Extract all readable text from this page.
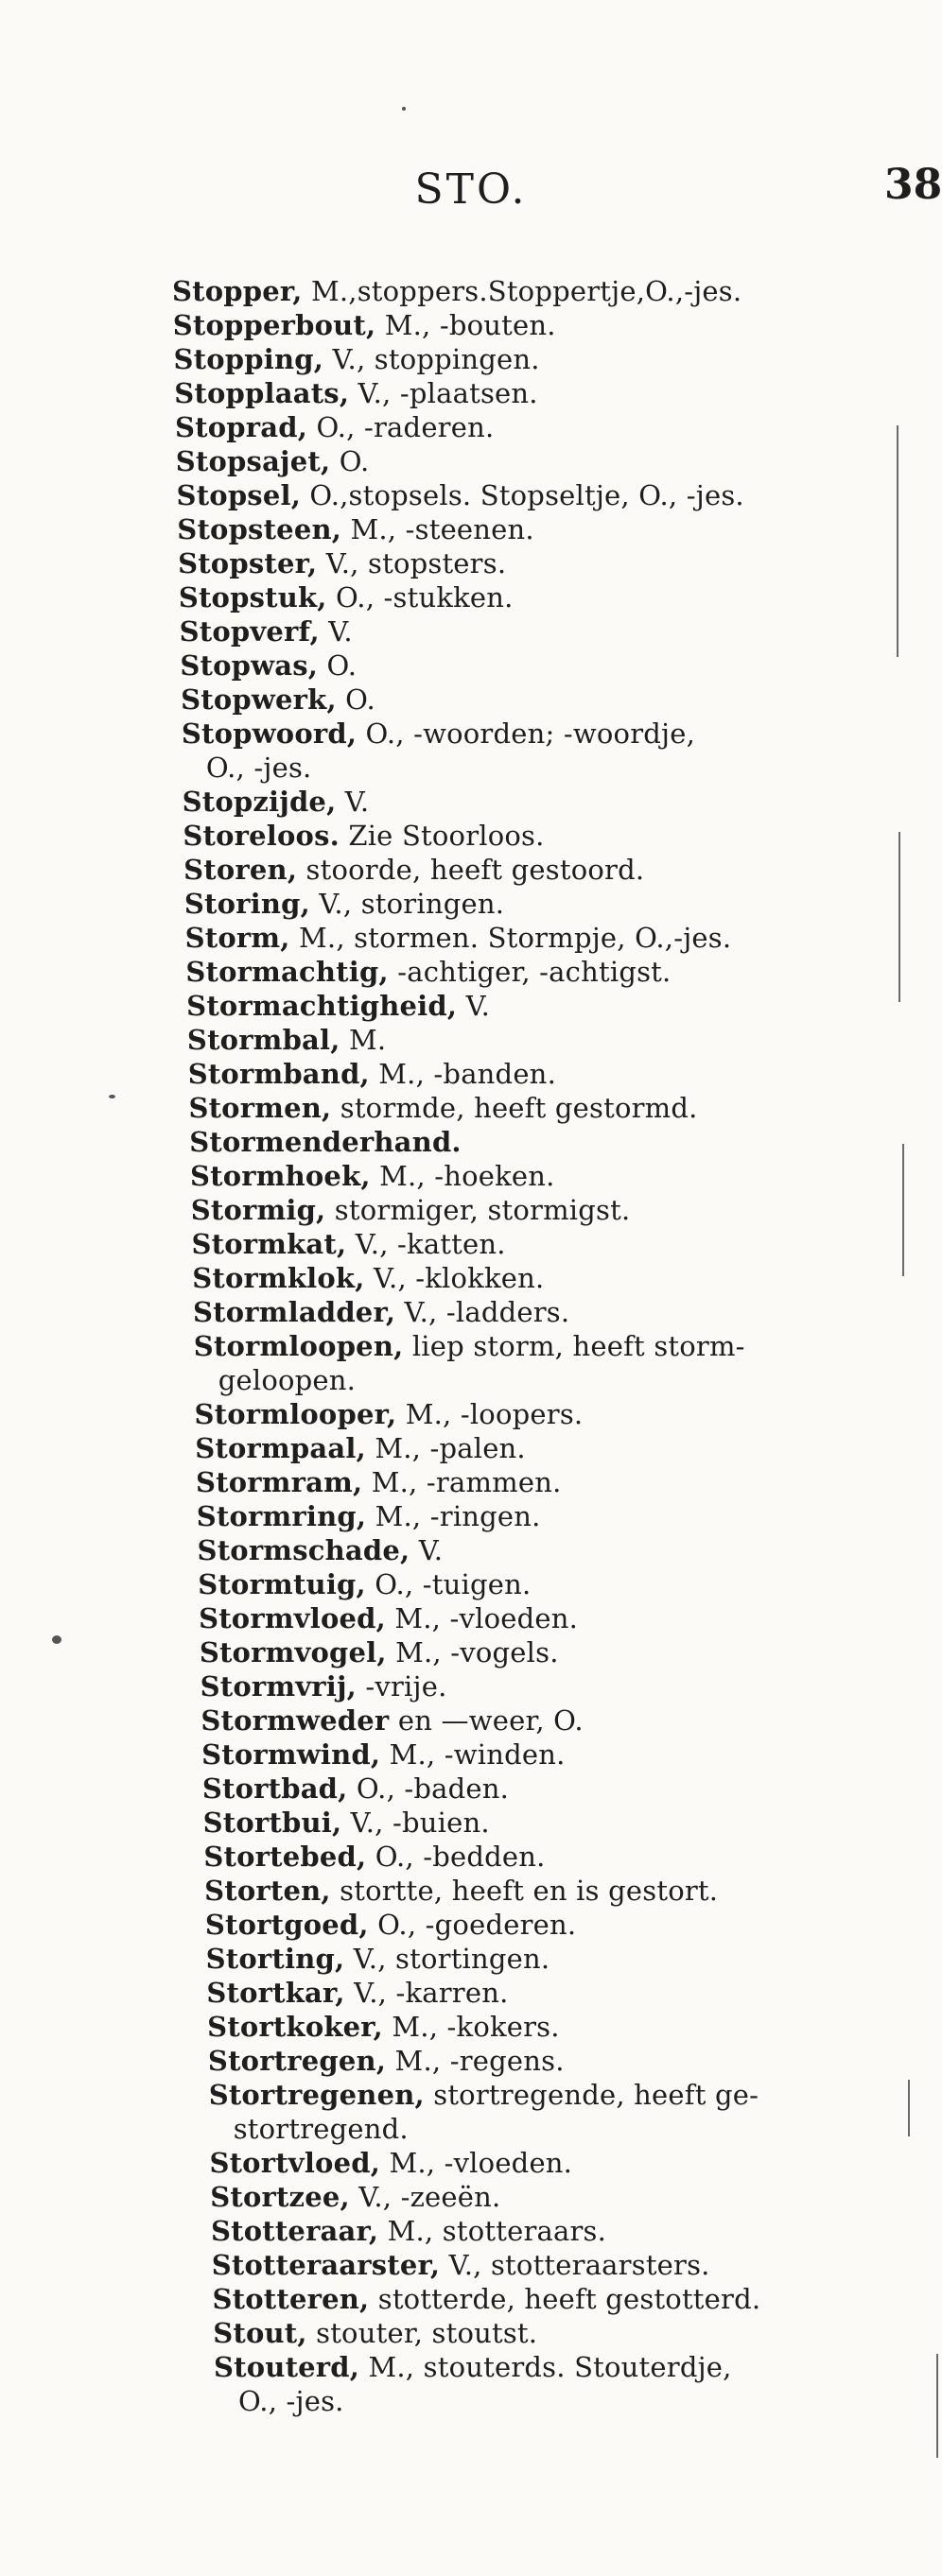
STO.	38

Stopper, M.,stoppers.Stoppertje,O.,-jes.

Stopperbout, M., -bouten.

Stopping, V., stoppingen.

Stopplaats, V., -plaatsen.

Stoprad, O., -raderen.

Stopsajet, O.

Stopsel, O.,stopsels. Stopseltje, O., -jes.

Stopsteen, M., -steenen.

Stopster, V., stopsters.

Stopstuk, O., -stukken.

Stopverf, V.

Stopwas, O.

Stopwerk, O.

Stopwoord, O., -woorden; -woordje,
O., -jes.

Stopzijde, V.

Storeloos. Zie Stoorloos.

Storen, stoorde, heeft gestoord.

Storing, V., storingen.

Storm, M., stormen. Stormpje, O.,-jes.

Stormachtig, -achtiger, -achtigst.

Stormachtigheid, V.

Stormbal, M.

Stormband, M., -banden.

Stormen, stormde, heeft gestormd.

Stormenderhand.

Stormhoek, M., -hoeken.

Stormig, stormiger, stormigst.

Stormkat, V., -katten.

Stormklok, V., -klokken.

Stormladder, V., -ladders.

Stormloopen, liep storm, heeft storm-
geloopen.

Stormlooper, M., -loopers.

Stormpaal, M., -palen.

Stormram, M., -rammen.

Stormring, M., -ringen.

Stormschade, V.

Stormtuig, O., -tuigen.

Stormvloed, M., -vloeden.

Stormvogel, M., -vogels.

Stormvrij, -vrije.

Stormweder en —weer, O.

Stormwind, M., -winden.

Stortbad, O., -baden.

Stortbui, V., -buien.

Stortebed, O., -bedden.

Storten, stortte, heeft en is gestort.

Stortgoed, O., -goederen.

Storting, V., stortingen.

Stortkar, V., -karren.

Stortkoker, M., -kokers.

Stortregen, M., -regens.

Stortregenen, stortregende, heeft ge-
stortregend.

Stortvloed, M., -vloeden.

Stortzee, V., -zeeën.

Stotteraar, M., stotteraars.

Stotteraarster, V., stotteraarsters.

Stotteren, stotterde, heeft gestotterd.

Stout, stouter, stoutst.

Stouterd, M., stouterds. Stouterdje,
O., -jes.
